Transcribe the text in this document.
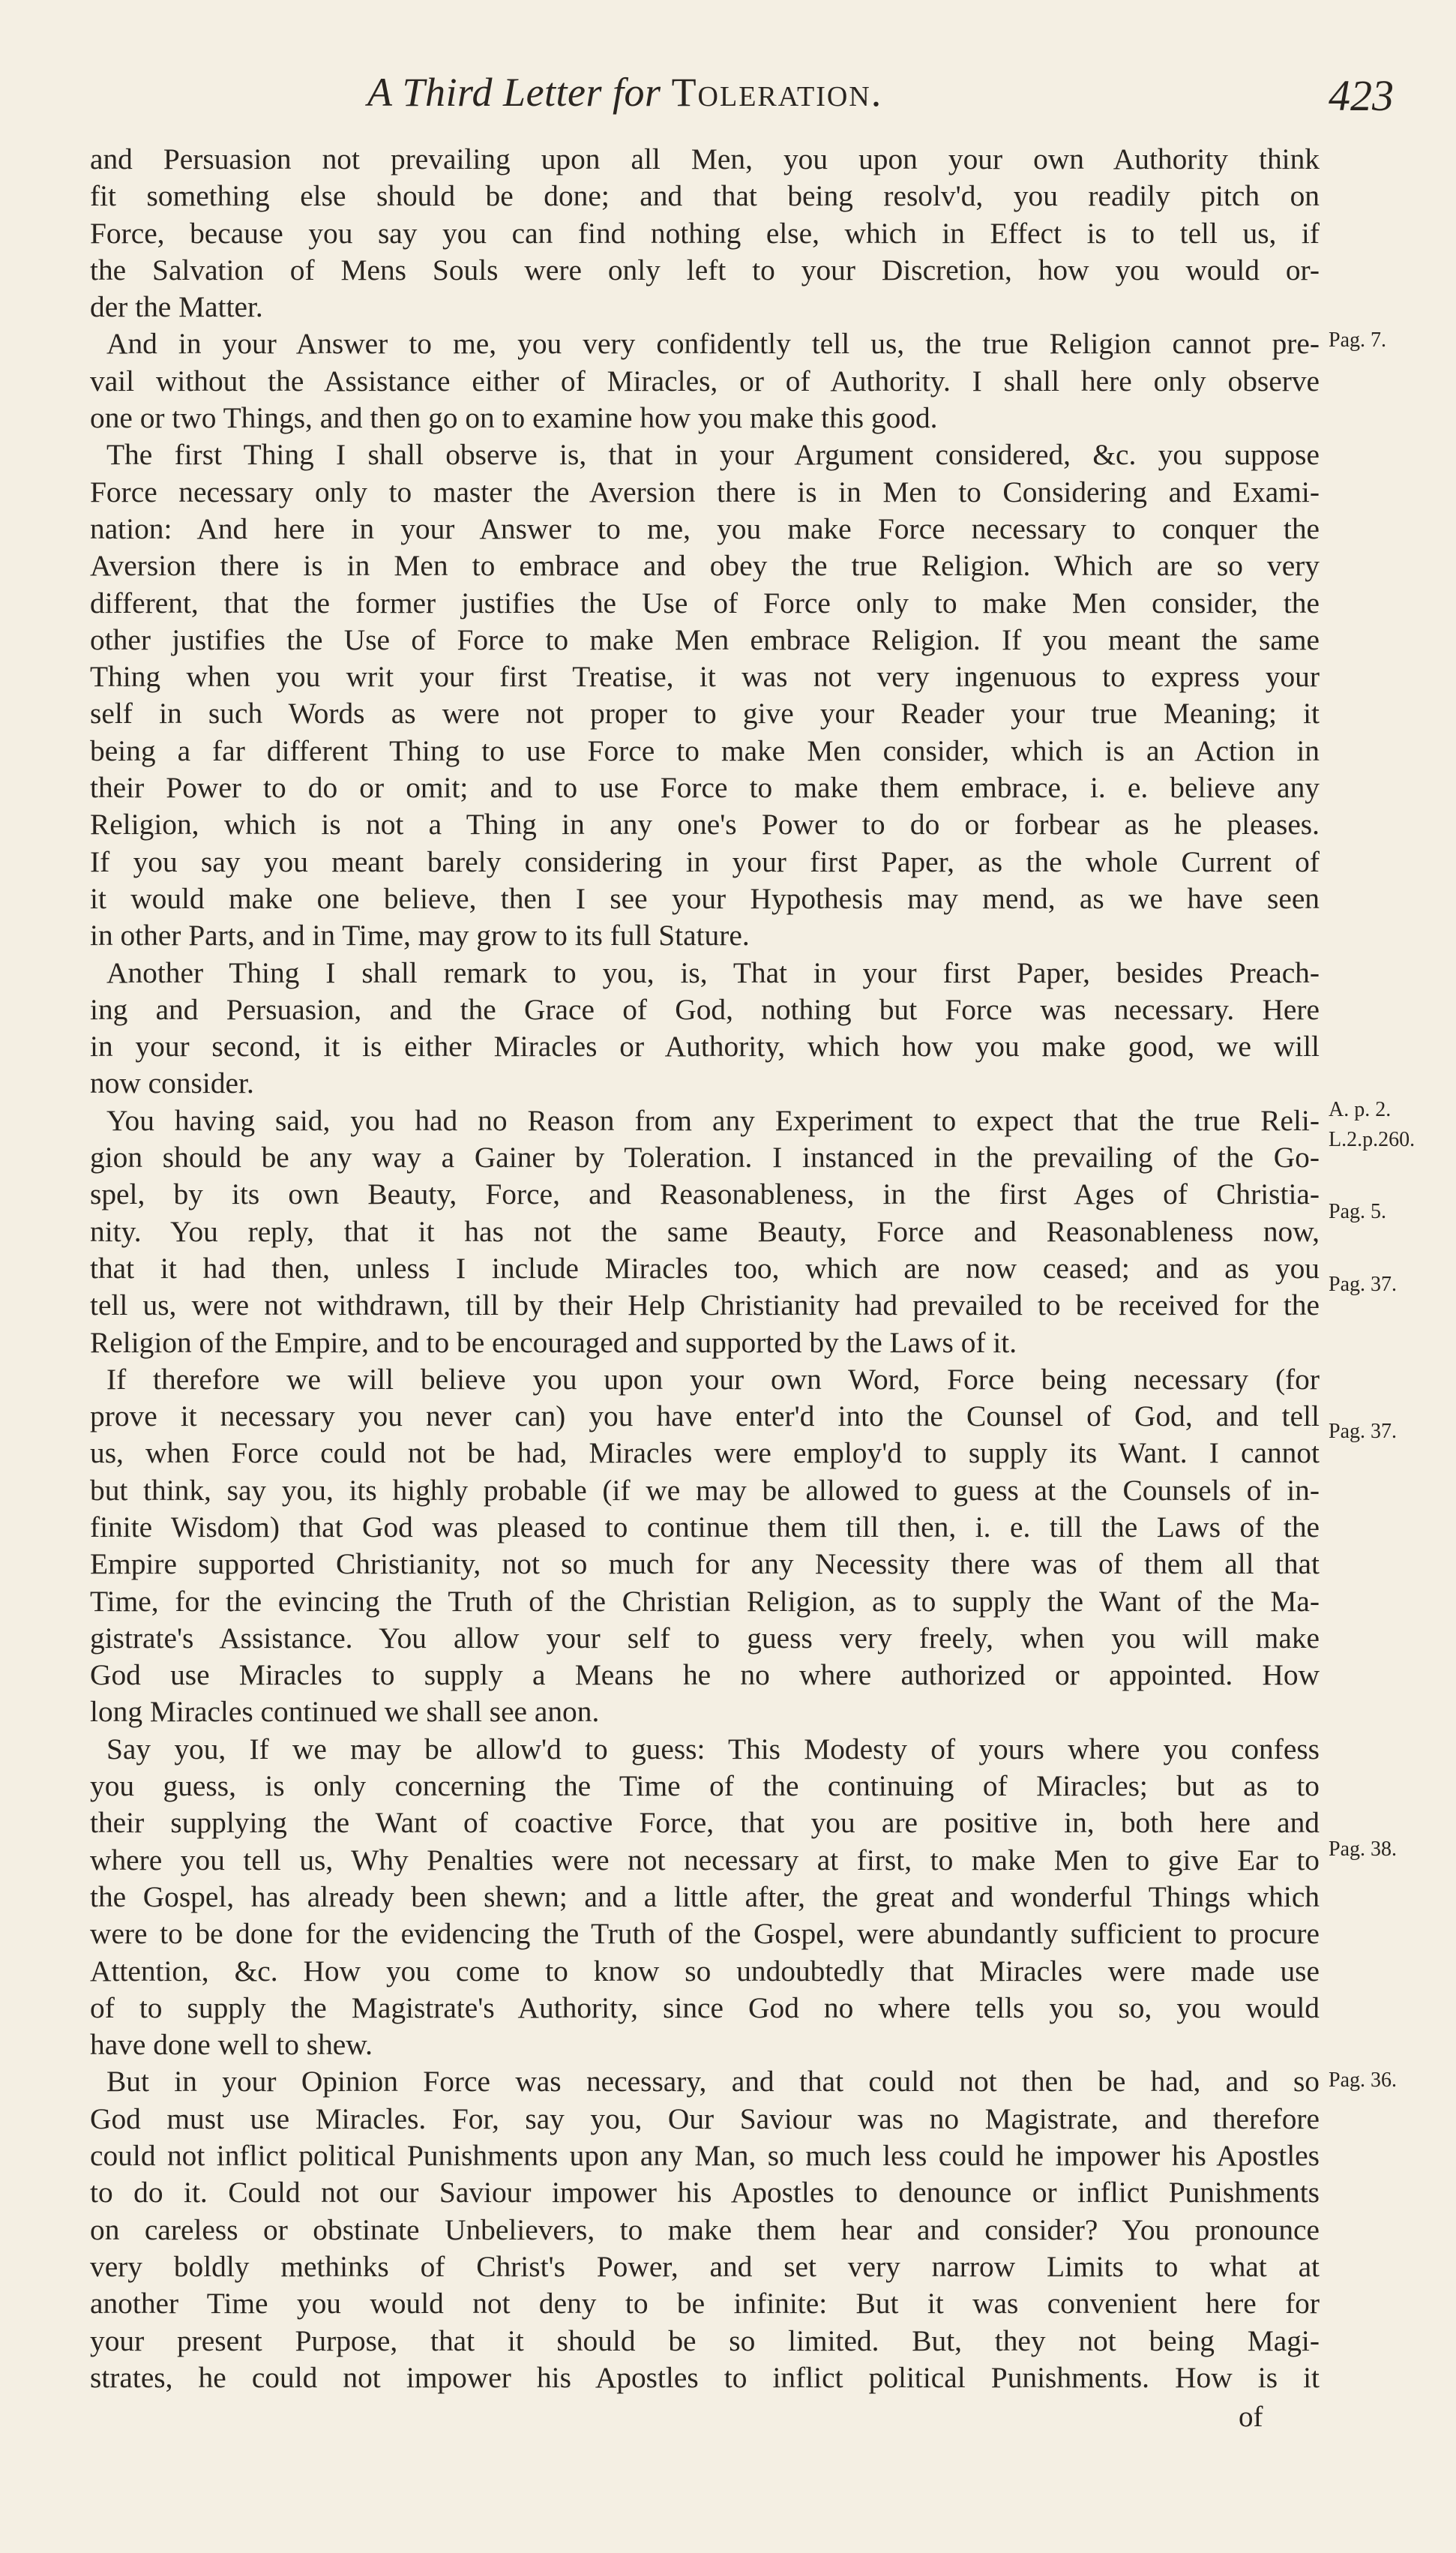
A Third Letter for Toleration.	423
and Persuasion not prevailing upon all Men, you upon your own Authority think
fit something else should be done; and that being resolv'd, you readily pitch on
Force, because you say you can find nothing else, which in Effect is to tell us, if
the Salvation of Mens Souls were only left to your Discretion, how you would or-
der the Matter.
And in your Answer to me, you very confidently tell us, the true Religion cannot pre-
vail without the Assistance either of Miracles, or of Authority. I shall here only observe
one or two Things, and then go on to examine how you make this good.
The first Thing I shall observe is, that in your Argument considered, &c. you suppose
Force necessary only to master the Aversion there is in Men to Considering and Exami-
nation: And here in your Answer to me, you make Force necessary to conquer the
Aversion there is in Men to embrace and obey the true Religion. Which are so very
different, that the former justifies the Use of Force only to make Men consider, the
other justifies the Use of Force to make Men embrace Religion. If you meant the same
Thing when you writ your first Treatise, it was not very ingenuous to express your
self in such Words as were not proper to give your Reader your true Meaning; it
being a far different Thing to use Force to make Men consider, which is an Action in
their Power to do or omit; and to use Force to make them embrace, i. e. believe any
Religion, which is not a Thing in any one's Power to do or forbear as he pleases.
If you say you meant barely considering in your first Paper, as the whole Current of
it would make one believe, then I see your Hypothesis may mend, as we have seen
in other Parts, and in Time, may grow to its full Stature.
Another Thing I shall remark to you, is, That in your first Paper, besides Preach-
ing and Persuasion, and the Grace of God, nothing but Force was necessary. Here
in your second, it is either Miracles or Authority, which how you make good, we will
now consider.
You having said, you had no Reason from any Experiment to expect that the true Reli-
gion should be any way a Gainer by Toleration. I instanced in the prevailing of the Go-
spel, by its own Beauty, Force, and Reasonableness, in the first Ages of Christia-
nity. You reply, that it has not the same Beauty, Force and Reasonableness now,
that it had then, unless I include Miracles too, which are now ceased; and as you
tell us, were not withdrawn, till by their Help Christianity had prevailed to be received for the
Religion of the Empire, and to be encouraged and supported by the Laws of it.
If therefore we will believe you upon your own Word, Force being necessary (for
prove it necessary you never can) you have enter'd into the Counsel of God, and tell
us, when Force could not be had, Miracles were employ'd to supply its Want. I cannot
but think, say you, its highly probable (if we may be allowed to guess at the Counsels of in-
finite Wisdom) that God was pleased to continue them till then, i. e. till the Laws of the
Empire supported Christianity, not so much for any Necessity there was of them all that
Time, for the evincing the Truth of the Christian Religion, as to supply the Want of the Ma-
gistrate's Assistance. You allow your self to guess very freely, when you will make
God use Miracles to supply a Means he no where authorized or appointed. How
long Miracles continued we shall see anon.
Say you, If we may be allow'd to guess: This Modesty of yours where you confess
you guess, is only concerning the Time of the continuing of Miracles; but as to
their supplying the Want of coactive Force, that you are positive in, both here and
where you tell us, Why Penalties were not necessary at first, to make Men to give Ear to
the Gospel, has already been shewn; and a little after, the great and wonderful Things which
were to be done for the evidencing the Truth of the Gospel, were abundantly sufficient to procure
Attention, &c. How you come to know so undoubtedly that Miracles were made use
of to supply the Magistrate's Authority, since God no where tells you so, you would
have done well to shew.
But in your Opinion Force was necessary, and that could not then be had, and so
God must use Miracles. For, say you, Our Saviour was no Magistrate, and therefore
could not inflict political Punishments upon any Man, so much less could he impower his Apostles
to do it. Could not our Saviour impower his Apostles to denounce or inflict Punishments
on careless or obstinate Unbelievers, to make them hear and consider? You pronounce
very boldly methinks of Christ's Power, and set very narrow Limits to what at
another Time you would not deny to be infinite: But it was convenient here for
your present Purpose, that it should be so limited. But, they not being Magi-
strates, he could not impower his Apostles to inflict political Punishments. How is it
Pag. 7.
A. p. 2.
L.2.p.260.
Pag. 5.
Pag. 37.
Pag. 37.
Pag. 38.
Pag. 36.
of
